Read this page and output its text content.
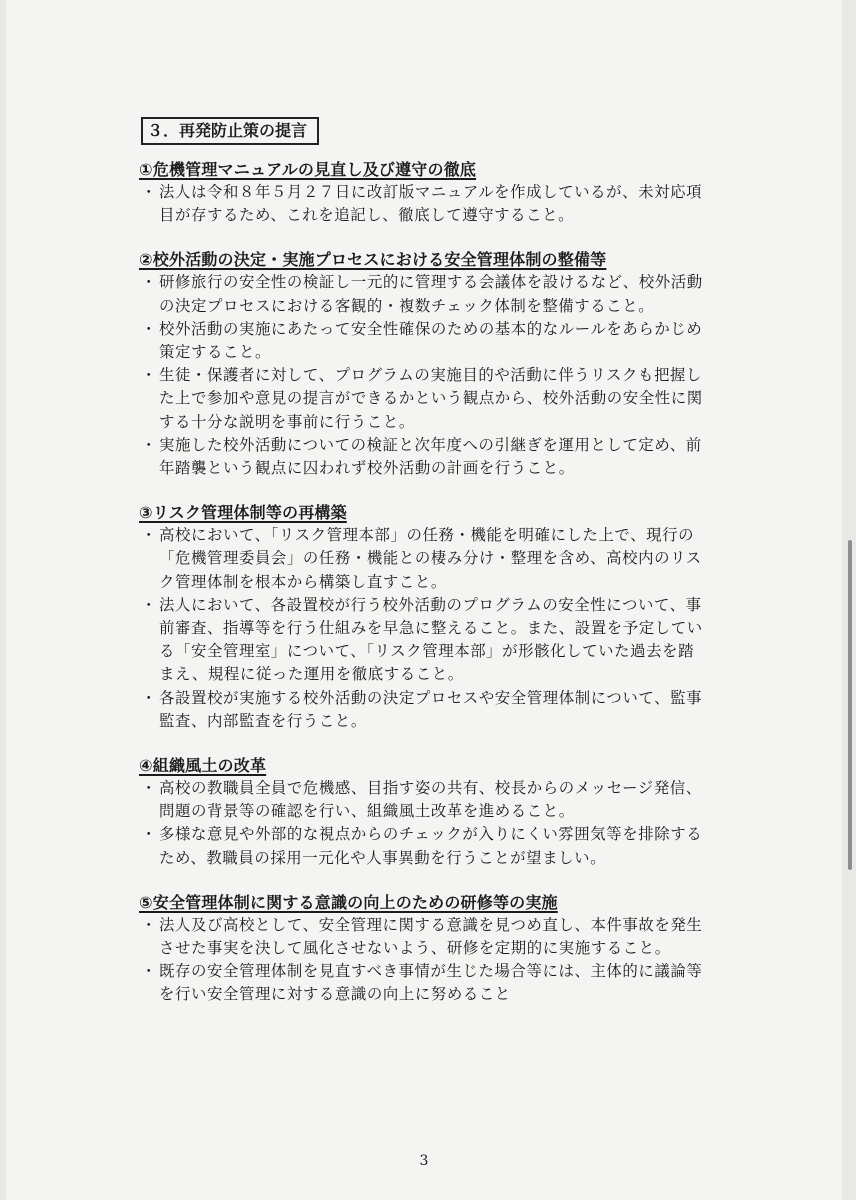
３．再発防止策の提言
①危機管理マニュアルの見直し及び遵守の徹底
・ 法人は令和８年５月２７日に改訂版マニュアルを作成しているが、未対応項
目が存するため、これを追記し、徹底して遵守すること。
②校外活動の決定・実施プロセスにおける安全管理体制の整備等
・ 研修旅行の安全性の検証し一元的に管理する会議体を設けるなど、校外活動
の決定プロセスにおける客観的・複数チェック体制を整備すること。
・ 校外活動の実施にあたって安全性確保のための基本的なルールをあらかじめ
策定すること。
・ 生徒・保護者に対して、プログラムの実施目的や活動に伴うリスクも把握し
た上で参加や意見の提言ができるかという観点から、校外活動の安全性に関
する十分な説明を事前に行うこと。
・ 実施した校外活動についての検証と次年度への引継ぎを運用として定め、前
年踏襲という観点に囚われず校外活動の計画を行うこと。
③リスク管理体制等の再構築
・ 高校において、「リスク管理本部」の任務・機能を明確にした上で、現行の
「危機管理委員会」の任務・機能との棲み分け・整理を含め、高校内のリス
ク管理体制を根本から構築し直すこと。
・ 法人において、各設置校が行う校外活動のプログラムの安全性について、事
前審査、指導等を行う仕組みを早急に整えること。また、設置を予定してい
る「安全管理室」について、「リスク管理本部」が形骸化していた過去を踏
まえ、規程に従った運用を徹底すること。
・ 各設置校が実施する校外活動の決定プロセスや安全管理体制について、監事
監査、内部監査を行うこと。
④組織風土の改革
・ 高校の教職員全員で危機感、目指す姿の共有、校長からのメッセージ発信、
問題の背景等の確認を行い、組織風土改革を進めること。
・ 多様な意見や外部的な視点からのチェックが入りにくい雰囲気等を排除する
ため、教職員の採用一元化や人事異動を行うことが望ましい。
⑤安全管理体制に関する意識の向上のための研修等の実施
・ 法人及び高校として、安全管理に関する意識を見つめ直し、本件事故を発生
させた事実を決して風化させないよう、研修を定期的に実施すること。
・ 既存の安全管理体制を見直すべき事情が生じた場合等には、主体的に議論等
を行い安全管理に対する意識の向上に努めること
3
